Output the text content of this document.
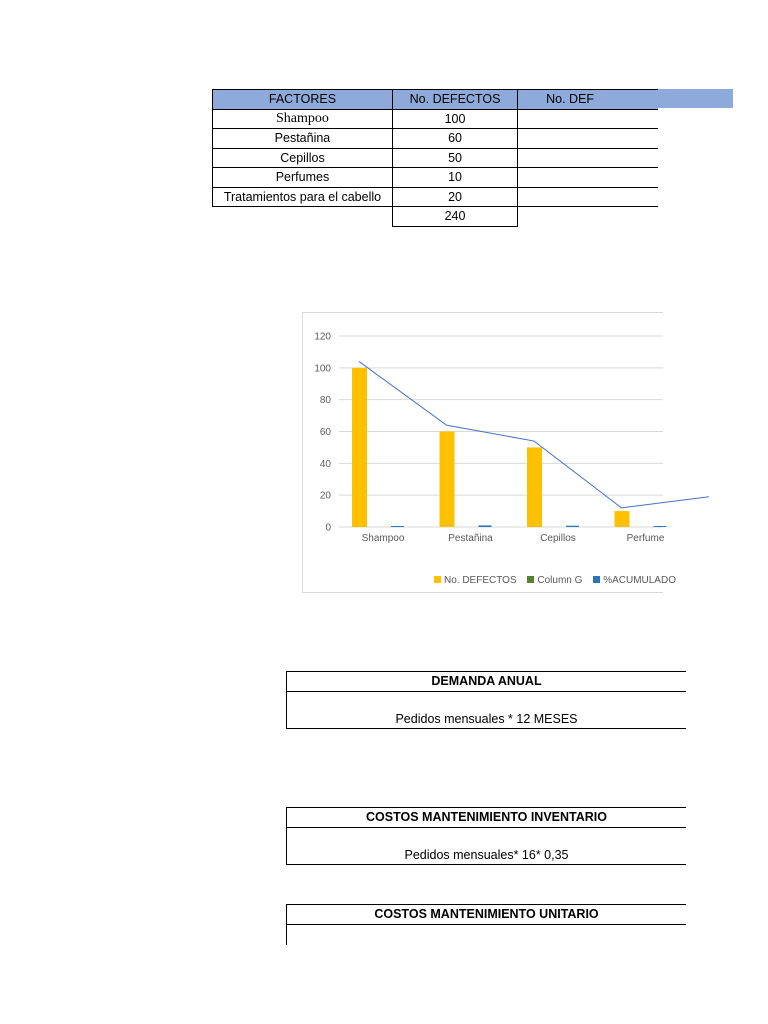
FACTORES	No. DEFECTOS	No. DEF
Shampoo	100	
Pestañina	60	
Cepillos	50	
Perfumes	10	
Tratamientos para el cabello	20	
	240	
0
20
40
60
80
100
120
Shampoo	Pestañina	Cepillos	Perfume
No. DEFECTOS Column G %ACUMULADO
DEMANDA ANUAL
Pedidos mensuales * 12 MESES
COSTOS MANTENIMIENTO INVENTARIO
Pedidos mensuales* 16* 0,35
COSTOS MANTENIMIENTO UNITARIO
